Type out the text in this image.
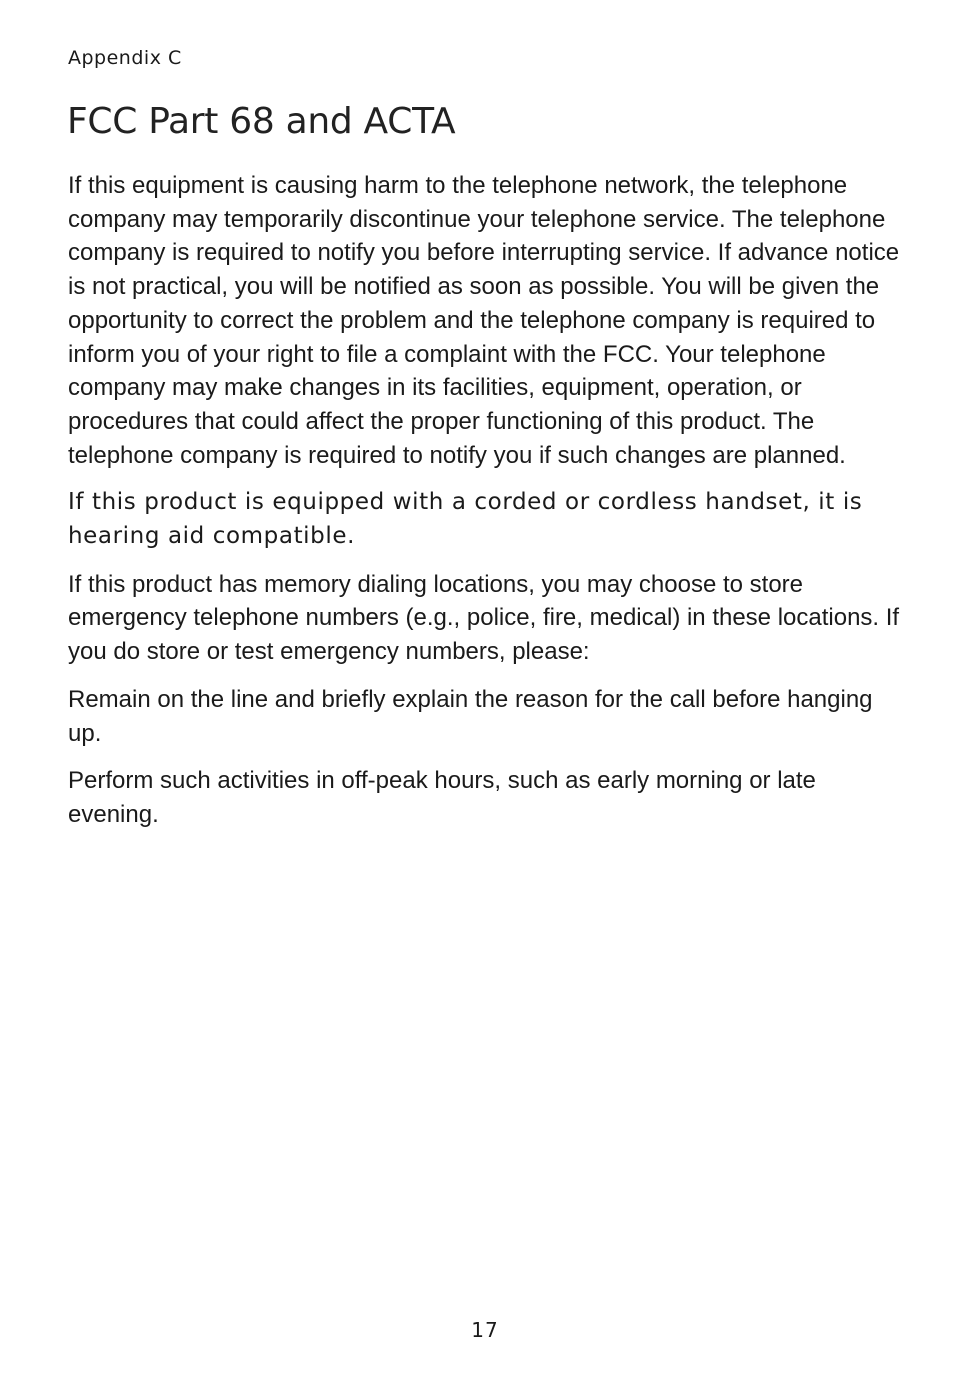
Appendix C
FCC Part 68 and ACTA

If this equipment is causing harm to the telephone network, the telephone company may temporarily discontinue your telephone service. The telephone company is required to notify you before interrupting service. If advance notice is not practical, you will be notified as soon as possible. You will be given the opportunity to correct the problem and the telephone company is required to inform you of your right to file a complaint with the FCC. Your telephone company may make changes in its facilities, equipment, operation, or procedures that could affect the proper functioning of this product. The telephone company is required to notify you if such changes are planned.

If this product is equipped with a corded or cordless handset, it is hearing aid compatible.

If this product has memory dialing locations, you may choose to store emergency telephone numbers (e.g., police, fire, medical) in these locations. If you do store or test emergency numbers, please:

Remain on the line and briefly explain the reason for the call before hanging up.

Perform such activities in off-peak hours, such as early morning or late evening.

17
